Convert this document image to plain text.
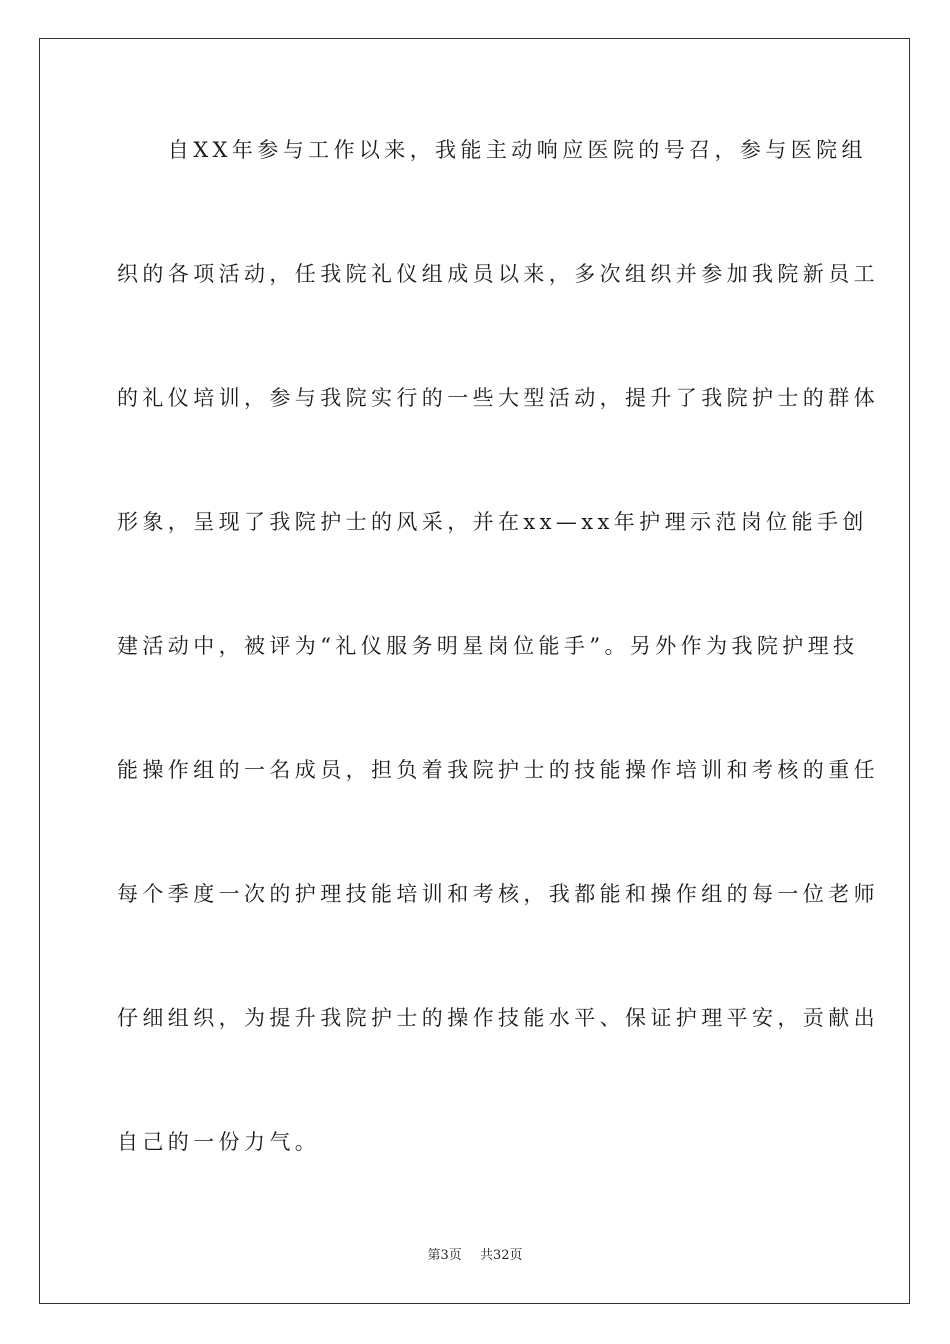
　　自XX年参与工作以来，我能主动响应医院的号召，参与医院组
织的各项活动，任我院礼仪组成员以来，多次组织并参加我院新员工
的礼仪培训，参与我院实行的一些大型活动，提升了我院护士的群体
形象，呈现了我院护士的风采，并在xx—xx年护理示范岗位能手创
建活动中，被评为“礼仪服务明星岗位能手”。另外作为我院护理技
能操作组的一名成员，担负着我院护士的技能操作培训和考核的重任
每个季度一次的护理技能培训和考核，我都能和操作组的每一位老师
仔细组织，为提升我院护士的操作技能水平、保证护理平安，贡献出
自己的一份力气。
第3页 共32页
